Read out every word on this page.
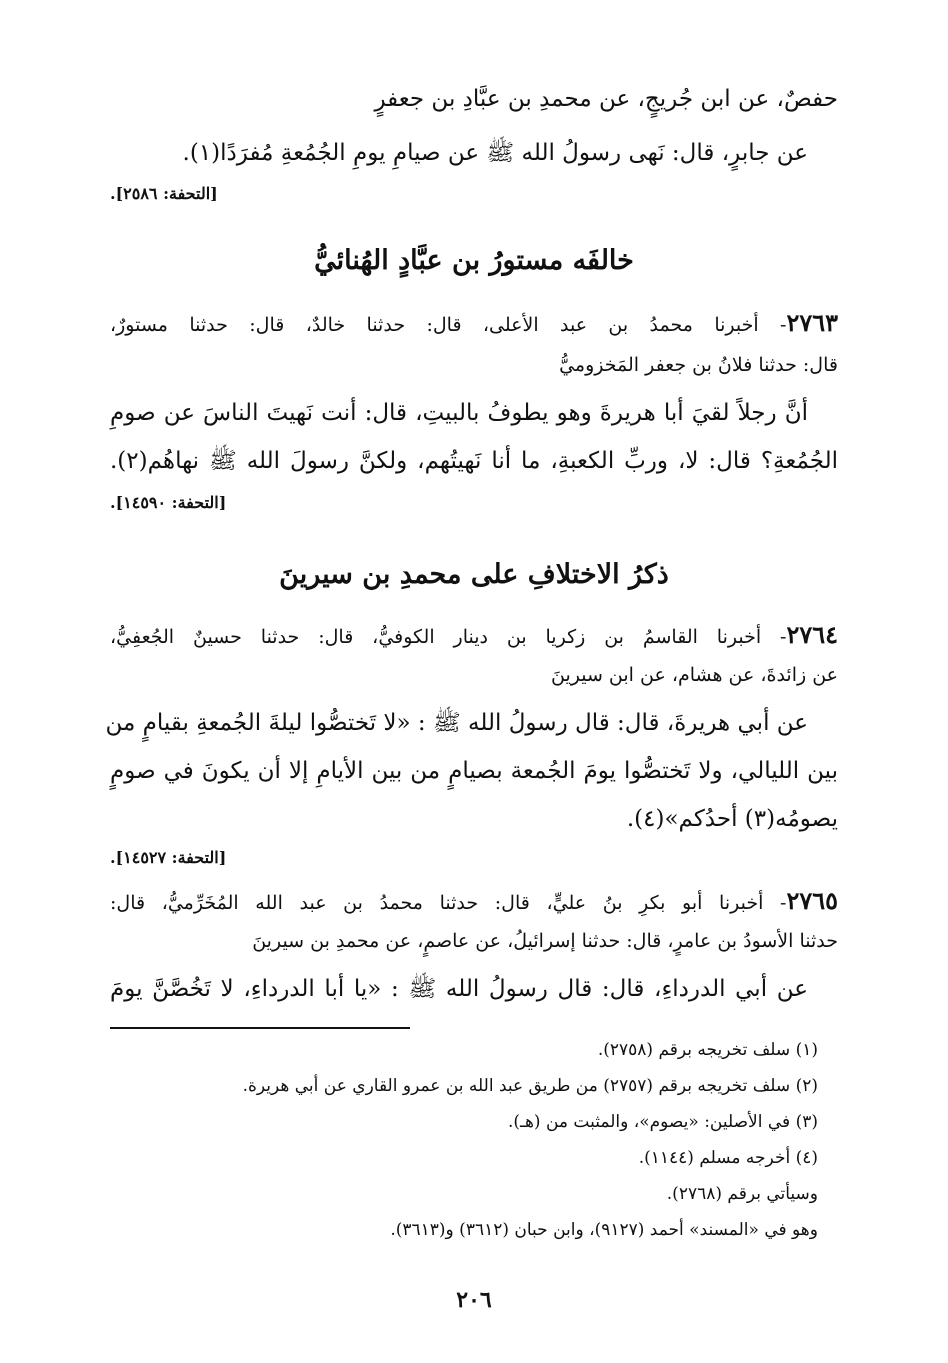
حفصٌ، عن ابن جُريجٍ، عن محمدِ بن عبَّادِ بن جعفرٍ
عن جابرٍ، قال: نَهى رسولُ الله ﷺ عن صيامِ يومِ الجُمُعةِ مُفرَدًا(١).
[التحفة: ٢٥٨٦].
خالفَه مستورُ بن عبَّادٍ الهُنائيُّ
٢٧٦٣- أخبرنا محمدُ بن عبد الأعلى، قال: حدثنا خالدٌ، قال: حدثنا مستورٌ،
قال: حدثنا فلانُ بن جعفر المَخزوميُّ
أنَّ رجلاً لقيَ أبا هريرةَ وهو يطوفُ بالبيتِ، قال: أنت نَهيتَ الناسَ عن صومِ
الجُمُعةِ؟ قال: لا، وربِّ الكعبةِ، ما أنا نَهيتُهم، ولكنَّ رسولَ الله ﷺ نهاهُم(٢).
[التحفة: ١٤٥٩٠].
ذكرُ الاختلافِ على محمدِ بن سيرينَ
٢٧٦٤- أخبرنا القاسمُ بن زكريا بن دينار الكوفيُّ، قال: حدثنا حسينٌ الجُعفِيُّ،
عن زائدةَ، عن هشام، عن ابن سيرينَ
عن أبي هريرةَ، قال: قال رسولُ الله ﷺ : «لا تَختصُّوا ليلةَ الجُمعةِ بقيامٍ من
بين الليالي، ولا تَختصُّوا يومَ الجُمعة بصيامٍ من بين الأيامِ إلا أن يكونَ في صومٍ
يصومُه(٣) أحدُكم»(٤).
[التحفة: ١٤٥٢٧].
٢٧٦٥- أخبرنا أبو بكرِ بنُ عليٍّ، قال: حدثنا محمدُ بن عبد الله المُخَرِّميُّ، قال:
حدثنا الأسودُ بن عامرٍ، قال: حدثنا إسرائيلُ، عن عاصمٍ، عن محمدِ بن سيرينَ
عن أبي الدرداءِ، قال: قال رسولُ الله ﷺ : «يا أبا الدرداءِ، لا تَخُصَّنَّ يومَ
(١) سلف تخريجه برقم (٢٧٥٨).
(٢) سلف تخريجه برقم (٢٧٥٧) من طريق عبد الله بن عمرو القاري عن أبي هريرة.
(٣) في الأصلين: «يصوم»، والمثبت من (هـ).
(٤) أخرجه مسلم (١١٤٤).
وسيأتي برقم (٢٧٦٨).
وهو في «المسند» أحمد (٩١٢٧)، وابن حبان (٣٦١٢) و(٣٦١٣).
٢٠٦
